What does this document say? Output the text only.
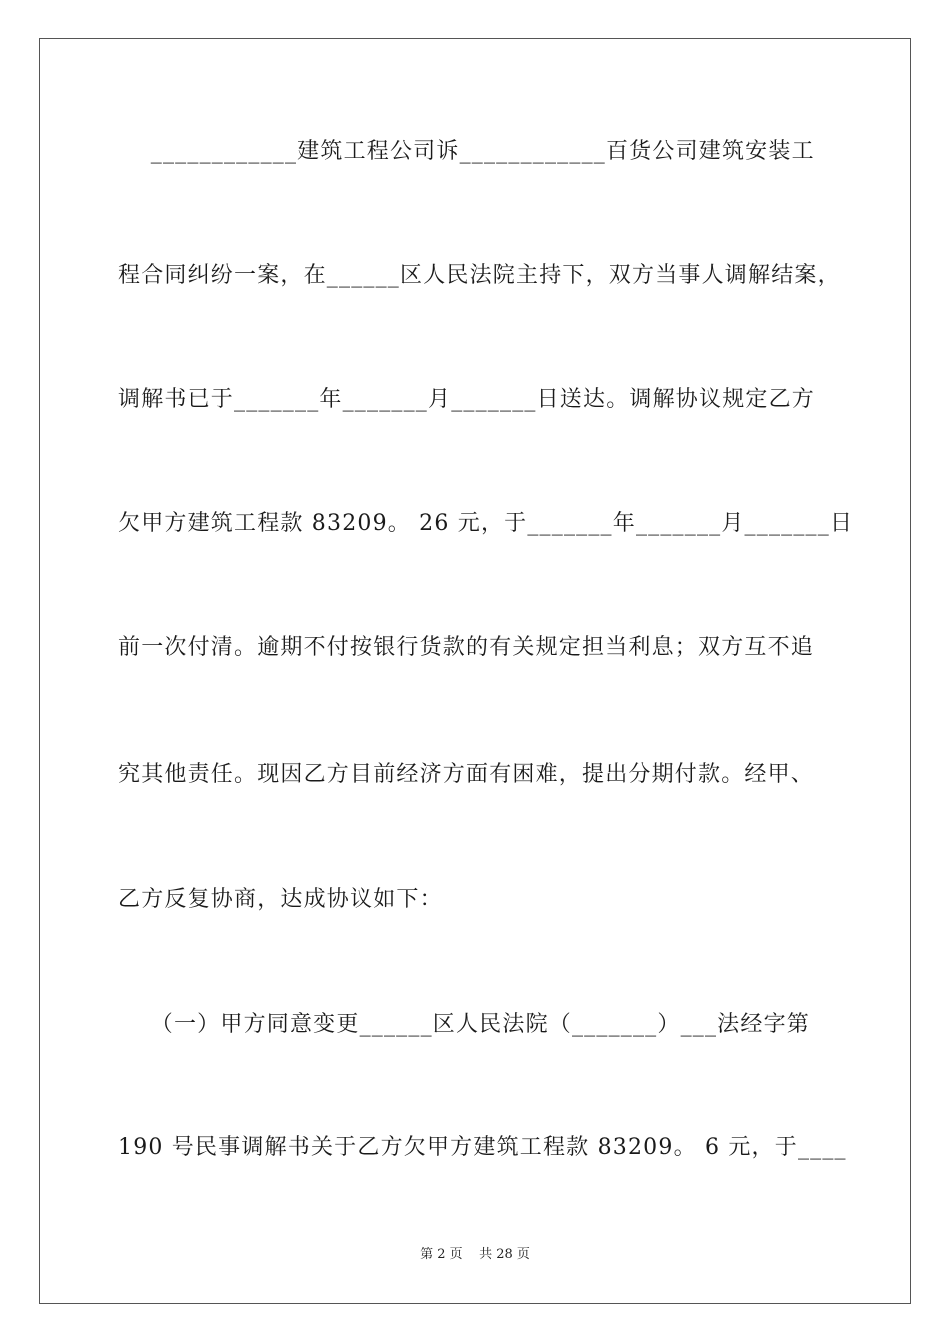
____________建筑工程公司诉____________百货公司建筑安装工
程合同纠纷一案，在______区人民法院主持下，双方当事人调解结案，
调解书已于_______年_______月_______日送达。调解协议规定乙方
欠甲方建筑工程款 83209。 26 元，于_______年_______月_______日
前一次付清。逾期不付按银行货款的有关规定担当利息；双方互不追
究其他责任。现因乙方目前经济方面有困难，提出分期付款。经甲、
乙方反复协商，达成协议如下：
（一）甲方同意变更______区人民法院（_______）___法经字第
190 号民事调解书关于乙方欠甲方建筑工程款 83209。 6 元，于____
第 2 页    共 28 页
